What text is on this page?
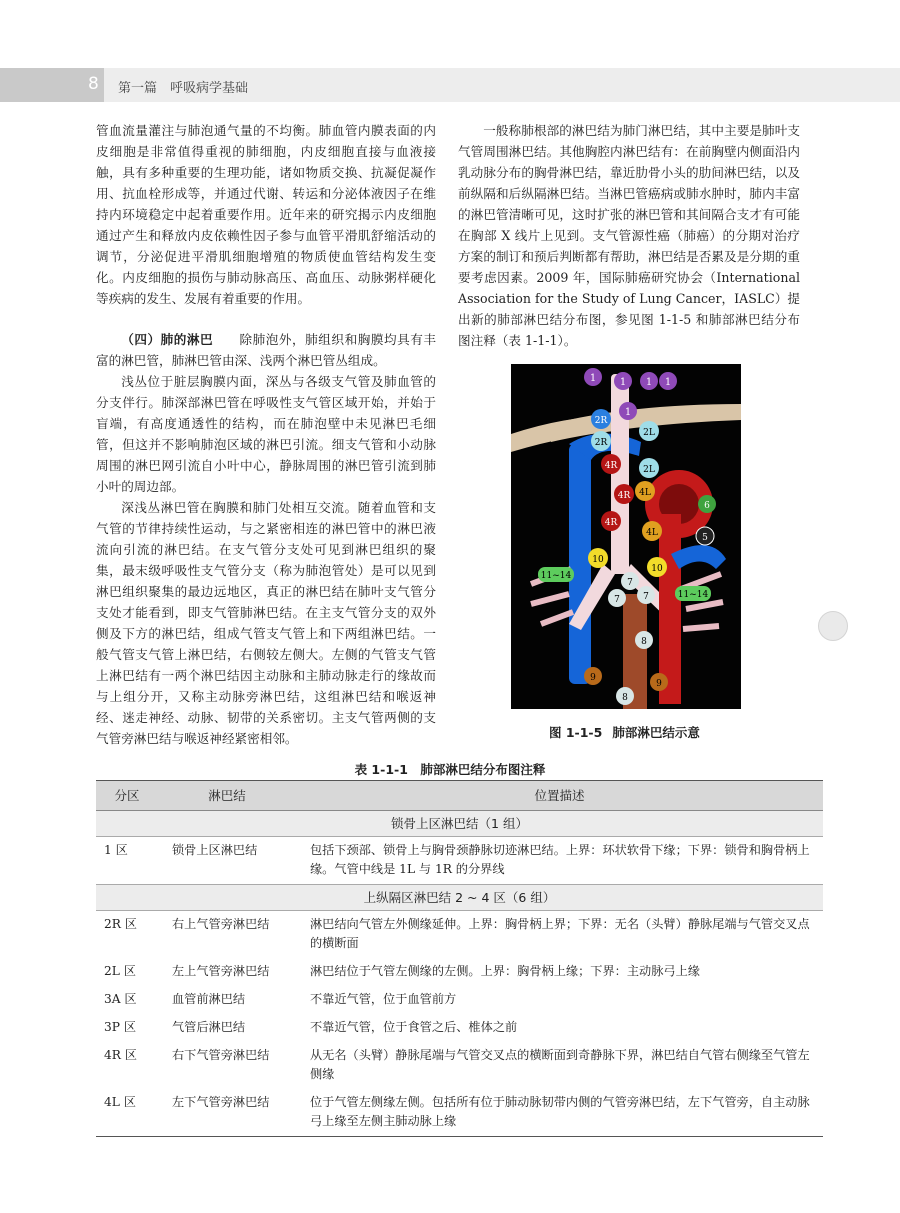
8 第一篇　呼吸病学基础

管血流量灌注与肺泡通气量的不均衡。肺血管内膜表面的内皮细胞是非常值得重视的肺细胞，内皮细胞直接与血液接触，具有多种重要的生理功能，诸如物质交换、抗凝促凝作用、抗血栓形成等，并通过代谢、转运和分泌体液因子在维持内环境稳定中起着重要作用。近年来的研究揭示内皮细胞通过产生和释放内皮依赖性因子参与血管平滑肌舒缩活动的调节，分泌促进平滑肌细胞增殖的物质使血管结构发生变化。内皮细胞的损伤与肺动脉高压、高血压、动脉粥样硬化等疾病的发生、发展有着重要的作用。

（四）肺的淋巴　　除肺泡外，肺组织和胸膜均具有丰富的淋巴管，肺淋巴管由深、浅两个淋巴管丛组成。

浅丛位于脏层胸膜内面，深丛与各级支气管及肺血管的分支伴行。肺深部淋巴管在呼吸性支气管区域开始，并始于盲端，有高度通透性的结构，而在肺泡壁中未见淋巴毛细管，但这并不影响肺泡区域的淋巴引流。细支气管和小动脉周围的淋巴网引流自小叶中心，静脉周围的淋巴管引流到肺小叶的周边部。

深浅丛淋巴管在胸膜和肺门处相互交流。随着血管和支气管的节律持续性运动，与之紧密相连的淋巴管中的淋巴液流向引流的淋巴结。在支气管分支处可见到淋巴组织的聚集，最末级呼吸性支气管分支（称为肺泡管处）是可以见到淋巴组织聚集的最边远地区，真正的淋巴结在肺叶支气管分支处才能看到，即支气管肺淋巴结。在主支气管分支的双外侧及下方的淋巴结，组成气管支气管上和下两组淋巴结。一般气管支气管上淋巴结，右侧较左侧大。左侧的气管支气管上淋巴结有一两个淋巴结因主动脉和主肺动脉走行的缘故而与上组分开，又称主动脉旁淋巴结，这组淋巴结和喉返神经、迷走神经、动脉、韧带的关系密切。主支气管两侧的支气管旁淋巴结与喉返神经紧密相邻。

一般称肺根部的淋巴结为肺门淋巴结，其中主要是肺叶支气管周围淋巴结。其他胸腔内淋巴结有：在前胸壁内侧面沿内乳动脉分布的胸骨淋巴结，靠近肋骨小头的肋间淋巴结，以及前纵隔和后纵隔淋巴结。当淋巴管癌病或肺水肿时，肺内丰富的淋巴管清晰可见，这时扩张的淋巴管和其间隔合支才有可能在胸部 X 线片上见到。支气管源性癌（肺癌）的分期对治疗方案的制订和预后判断都有帮助，淋巴结是否累及是分期的重要考虑因素。2009 年，国际肺癌研究协会（International Association for the Study of Lung Cancer，IASLC）提出新的肺部淋巴结分布图，参见图 1-1-5 和肺部淋巴结分布图注释（表 1-1-1）。

1 1 1 1
1
2R
2R
2L
2L
4R
4R
4R
4L
4L	5
6
10
10
11~14
11~14
7
7	7
8
8
9
9
图 1-1-5 肺部淋巴结示意
表 1-1-1　肺部淋巴结分布图注释
分区	淋巴结	位置描述
锁骨上区淋巴结（1 组）		
1 区	锁骨上区淋巴结	包括下颈部、锁骨上与胸骨颈静脉切迹淋巴结。上界：环状软骨下缘；下界：锁骨和胸骨柄上缘。气管中线是 1L 与 1R 的分界线
上纵隔区淋巴结 2 ~ 4 区（6 组）		
2R 区	右上气管旁淋巴结	淋巴结向气管左外侧缘延伸。上界：胸骨柄上界；下界：无名（头臂）静脉尾端与气管交叉点的横断面
2L 区	左上气管旁淋巴结	淋巴结位于气管左侧缘的左侧。上界：胸骨柄上缘；下界：主动脉弓上缘
3A 区	血管前淋巴结	不靠近气管，位于血管前方
3P 区	气管后淋巴结	不靠近气管，位于食管之后、椎体之前
4R 区	右下气管旁淋巴结	从无名（头臂）静脉尾端与气管交叉点的横断面到奇静脉下界，淋巴结自气管右侧缘至气管左侧缘
4L 区	左下气管旁淋巴结	位于气管左侧缘左侧。包括所有位于肺动脉韧带内侧的气管旁淋巴结，左下气管旁，自主动脉弓上缘至左侧主肺动脉上缘
